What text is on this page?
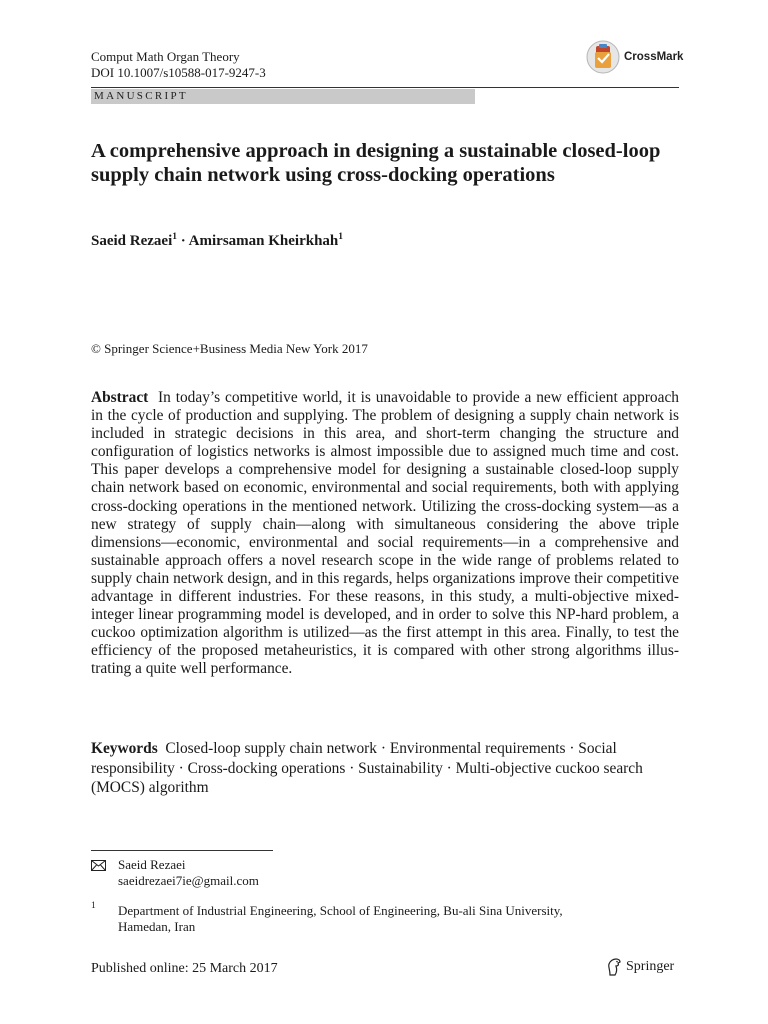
Comput Math Organ Theory
DOI 10.1007/s10588-017-9247-3
CrossMark
MANUSCRIPT
A comprehensive approach in designing a sustainable closed-loop supply chain network using cross-docking operations
Saeid Rezaei$^1$ · Amirsaman Kheirkhah$^1$
© Springer Science+Business Media New York 2017

Abstract In today’s competitive world, it is unavoidable to provide a new efficient approach in the cycle of production and supplying. The problem of designing a supply chain network is included in strategic decisions in this area, and short-term changing the structure and configuration of logistics networks is almost impossible due to assigned much time and cost. This paper develops a comprehensive model for designing a sustainable closed-loop supply chain network based on economic, environmental and social requirements, both with applying cross-docking operations in the mentioned network. Utilizing the cross-docking system—as a new strategy of supply chain—along with simultaneous considering the above triple dimensions—economic, environmental and social requirements—in a comprehensive and sustainable approach offers a novel research scope in the wide range of problems related to supply chain network design, and in this regards, helps organizations improve their competitive advantage in different industries. For these reasons, in this study, a multi-objective mixed-integer linear programming model is developed, and in order to solve this NP-hard problem, a cuckoo optimization algorithm is utilized—as the first attempt in this area. Finally, to test the efficiency of the proposed metaheuristics, it is compared with other strong algorithms illustrating a quite well performance.

Keywords Closed-loop supply chain network · Environmental requirements · Social responsibility · Cross-docking operations · Sustainability · Multi-objective cuckoo search (MOCS) algorithm

Saeid Rezaei
saeidrezaei7ie@gmail.com
1 Department of Industrial Engineering, School of Engineering, Bu-ali Sina University, Hamedan, Iran
Published online: 25 March 2017	Springer
